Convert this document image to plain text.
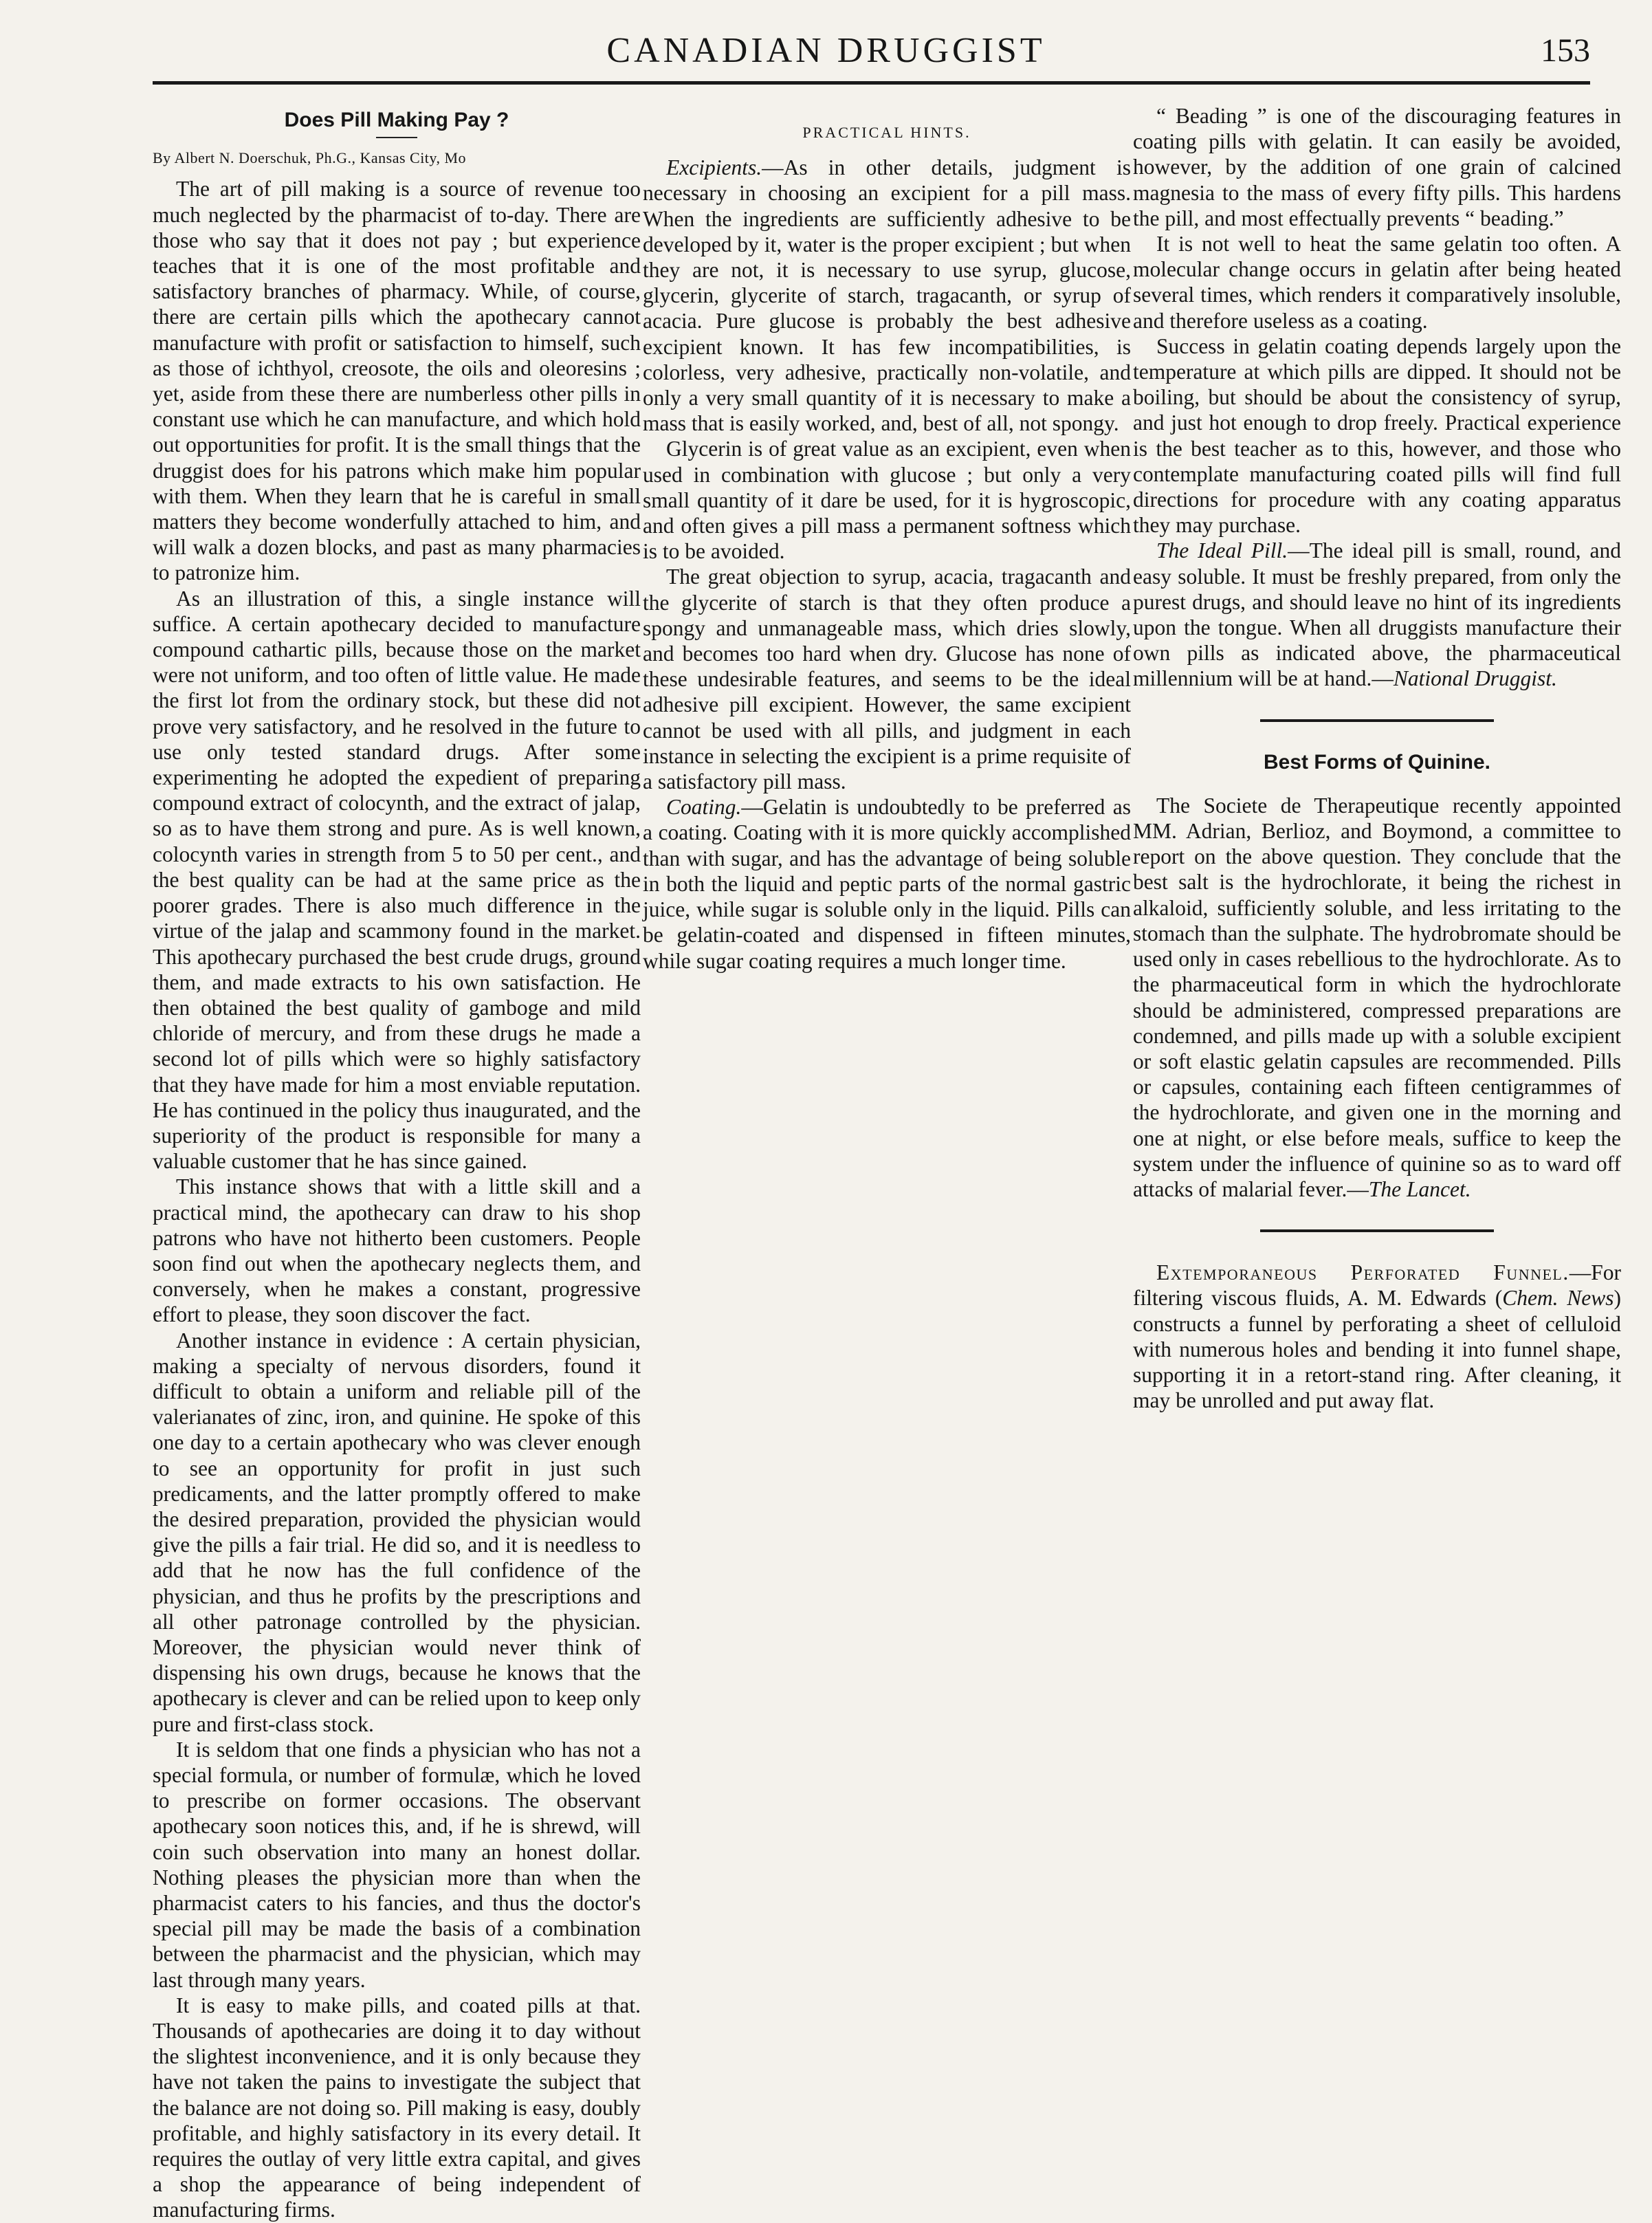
CANADIAN DRUGGIST	153
Does Pill Making Pay ?
By Albert N. Doerschuk, Ph.G., Kansas City, Mo

The art of pill making is a source of revenue too much neglected by the pharmacist of to-day. There are those who say that it does not pay ; but experience teaches that it is one of the most profitable and satisfactory branches of pharmacy. While, of course, there are certain pills which the apothecary cannot manufacture with profit or satisfaction to himself, such as those of ichthyol, creosote, the oils and oleoresins ; yet, aside from these there are numberless other pills in constant use which he can manufacture, and which hold out opportunities for profit. It is the small things that the druggist does for his patrons which make him popular with them. When they learn that he is careful in small matters they become wonderfully attached to him, and will walk a dozen blocks, and past as many pharmacies to patronize him.

As an illustration of this, a single instance will suffice. A certain apothecary decided to manufacture compound cathartic pills, because those on the market were not uniform, and too often of little value. He made the first lot from the ordinary stock, but these did not prove very satisfactory, and he resolved in the future to use only tested standard drugs. After some experimenting he adopted the expedient of preparing compound extract of colocynth, and the extract of jalap, so as to have them strong and pure. As is well known, colocynth varies in strength from 5 to 50 per cent., and the best quality can be had at the same price as the poorer grades. There is also much difference in the virtue of the jalap and scammony found in the market. This apothecary purchased the best crude drugs, ground them, and made extracts to his own satisfaction. He then obtained the best quality of gamboge and mild chloride of mercury, and from these drugs he made a second lot of pills which were so highly satisfactory that they have made for him a most enviable reputation. He has continued in the policy thus inaugurated, and the superiority of the product is responsible for many a valuable customer that he has since gained.

This instance shows that with a little skill and a practical mind, the apothecary can draw to his shop patrons who have not hitherto been customers. People soon find out when the apothecary neglects them, and conversely, when he makes a constant, progressive effort to please, they soon discover the fact.

Another instance in evidence : A certain physician, making a specialty of nervous disorders, found it difficult to obtain a uniform and reliable pill of the valerianates of zinc, iron, and quinine. He spoke of this one day to a certain apothecary who was clever enough to see an opportunity for profit in just such predicaments, and the latter promptly offered to make the desired preparation, provided the physician would give the pills a fair trial. He did so, and it is needless to add that he now has the full confidence of the physician, and thus he profits by the prescriptions and all other patronage controlled by the physician. Moreover, the physician would never think of dispensing his own drugs, because he knows that the apothecary is clever and can be relied upon to keep only pure and first-class stock.

It is seldom that one finds a physician who has not a special formula, or number of formulæ, which he loved to prescribe on former occasions. The observant apothecary soon notices this, and, if he is shrewd, will coin such observation into many an honest dollar. Nothing pleases the physician more than when the pharmacist caters to his fancies, and thus the doctor's special pill may be made the basis of a combination between the pharmacist and the physician, which may last through many years.

It is easy to make pills, and coated pills at that. Thousands of apothecaries are doing it to day without the slightest inconvenience, and it is only because they have not taken the pains to investigate the subject that the balance are not doing so. Pill making is easy, doubly profitable, and highly satisfactory in its every detail. It requires the outlay of very little extra capital, and gives a shop the appearance of being independent of manufacturing firms.

PRACTICAL HINTS.

Excipients.—As in other details, judgment is necessary in choosing an excipient for a pill mass. When the ingredients are sufficiently adhesive to be developed by it, water is the proper excipient ; but when they are not, it is necessary to use syrup, glucose, glycerin, glycerite of starch, tragacanth, or syrup of acacia. Pure glucose is probably the best adhesive excipient known. It has few incompatibilities, is colorless, very adhesive, practically non-volatile, and only a very small quantity of it is necessary to make a mass that is easily worked, and, best of all, not spongy.

Glycerin is of great value as an excipient, even when used in combination with glucose ; but only a very small quantity of it dare be used, for it is hygroscopic, and often gives a pill mass a permanent softness which is to be avoided.

The great objection to syrup, acacia, tragacanth and the glycerite of starch is that they often produce a spongy and unmanageable mass, which dries slowly, and becomes too hard when dry. Glucose has none of these undesirable features, and seems to be the ideal adhesive pill excipient. However, the same excipient cannot be used with all pills, and judgment in each instance in selecting the excipient is a prime requisite of a satisfactory pill mass.

Coating.—Gelatin is undoubtedly to be preferred as a coating. Coating with it is more quickly accomplished than with sugar, and has the advantage of being soluble in both the liquid and peptic parts of the normal gastric juice, while sugar is soluble only in the liquid. Pills can be gelatin-coated and dispensed in fifteen minutes, while sugar coating requires a much longer time.

“ Beading ” is one of the discouraging features in coating pills with gelatin. It can easily be avoided, however, by the addition of one grain of calcined magnesia to the mass of every fifty pills. This hardens the pill, and most effectually prevents “ beading.”

It is not well to heat the same gelatin too often. A molecular change occurs in gelatin after being heated several times, which renders it comparatively insoluble, and therefore useless as a coating.

Success in gelatin coating depends largely upon the temperature at which pills are dipped. It should not be boiling, but should be about the consistency of syrup, and just hot enough to drop freely. Practical experience is the best teacher as to this, however, and those who contemplate manufacturing coated pills will find full directions for procedure with any coating apparatus they may purchase.

The Ideal Pill.—The ideal pill is small, round, and easy soluble. It must be freshly prepared, from only the purest drugs, and should leave no hint of its ingredients upon the tongue. When all druggists manufacture their own pills as indicated above, the pharmaceutical millennium will be at hand.—National Druggist.

Best Forms of Quinine.

The Societe de Therapeutique recently appointed MM. Adrian, Berlioz, and Boymond, a committee to report on the above question. They conclude that the best salt is the hydrochlorate, it being the richest in alkaloid, sufficiently soluble, and less irritating to the stomach than the sulphate. The hydrobromate should be used only in cases rebellious to the hydrochlorate. As to the pharmaceutical form in which the hydrochlorate should be administered, compressed preparations are condemned, and pills made up with a soluble excipient or soft elastic gelatin capsules are recommended. Pills or capsules, containing each fifteen centigrammes of the hydrochlorate, and given one in the morning and one at night, or else before meals, suffice to keep the system under the influence of quinine so as to ward off attacks of malarial fever.—The Lancet.

Extemporaneous Perforated Funnel.—For filtering viscous fluids, A. M. Edwards (Chem. News) constructs a funnel by perforating a sheet of celluloid with numerous holes and bending it into funnel shape, supporting it in a retort-stand ring. After cleaning, it may be unrolled and put away flat.
